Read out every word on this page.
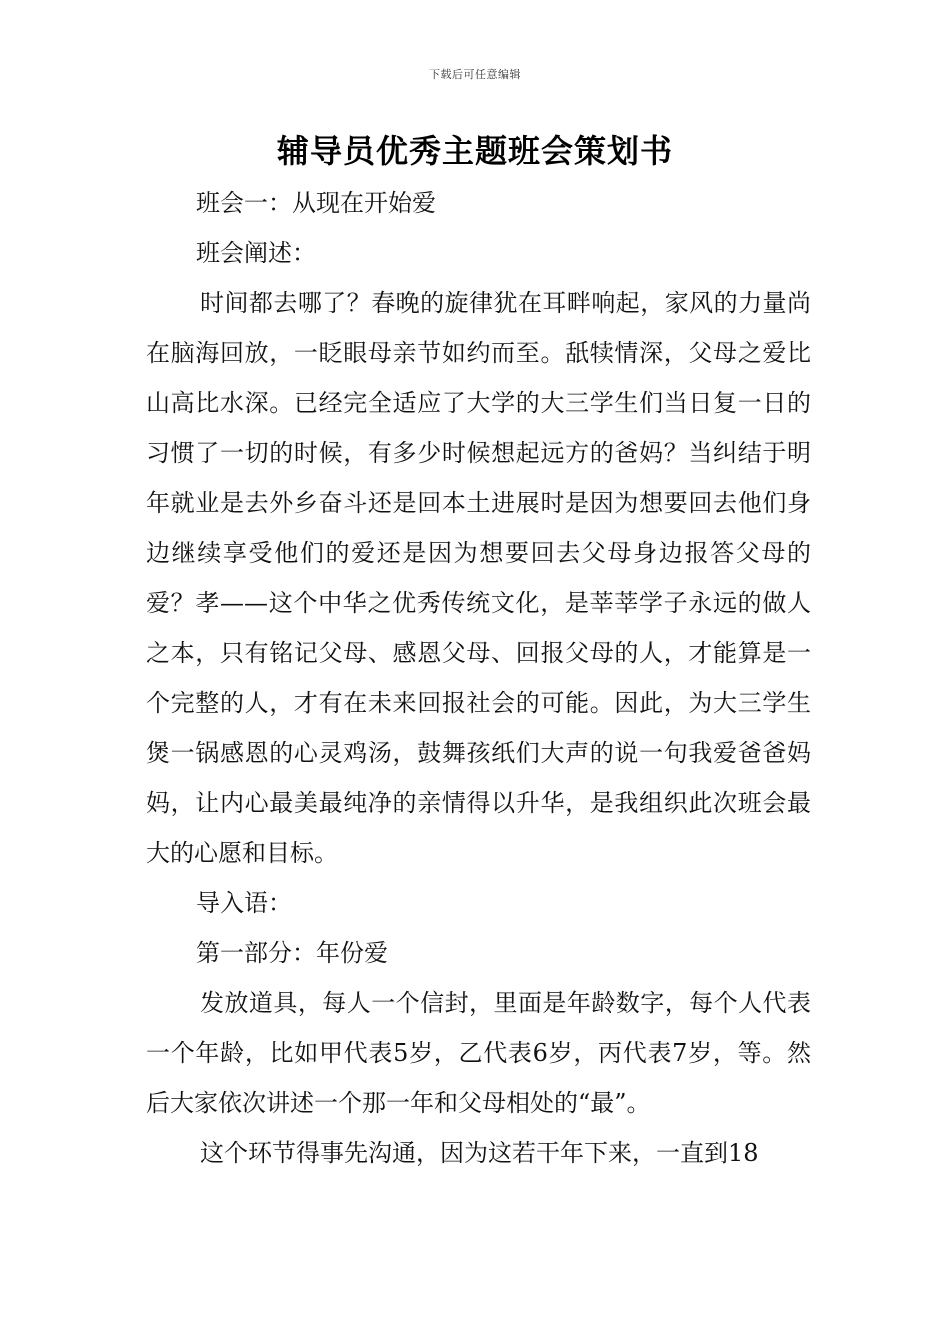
下载后可任意编辑
辅导员优秀主题班会策划书

班会一：从现在开始爱

班会阐述：

时间都去哪了？春晚的旋律犹在耳畔响起，家风的力量尚在脑海回放，一眨眼母亲节如约而至。舐犊情深，父母之爱比山高比水深。已经完全适应了大学的大三学生们当日复一日的习惯了一切的时候，有多少时候想起远方的爸妈？当纠结于明年就业是去外乡奋斗还是回本土进展时是因为想要回去他们身边继续享受他们的爱还是因为想要回去父母身边报答父母的爱？孝——这个中华之优秀传统文化，是莘莘学子永远的做人之本，只有铭记父母、感恩父母、回报父母的人，才能算是一个完整的人，才有在未来回报社会的可能。因此，为大三学生煲一锅感恩的心灵鸡汤，鼓舞孩纸们大声的说一句我爱爸爸妈妈，让内心最美最纯净的亲情得以升华，是我组织此次班会最大的心愿和目标。

导入语：

第一部分：年份爱

发放道具，每人一个信封，里面是年龄数字，每个人代表一个年龄，比如甲代表5岁，乙代表6岁，丙代表7岁，等。然后大家依次讲述一个那一年和父母相处的“最”。

这个环节得事先沟通，因为这若干年下来，一直到18
